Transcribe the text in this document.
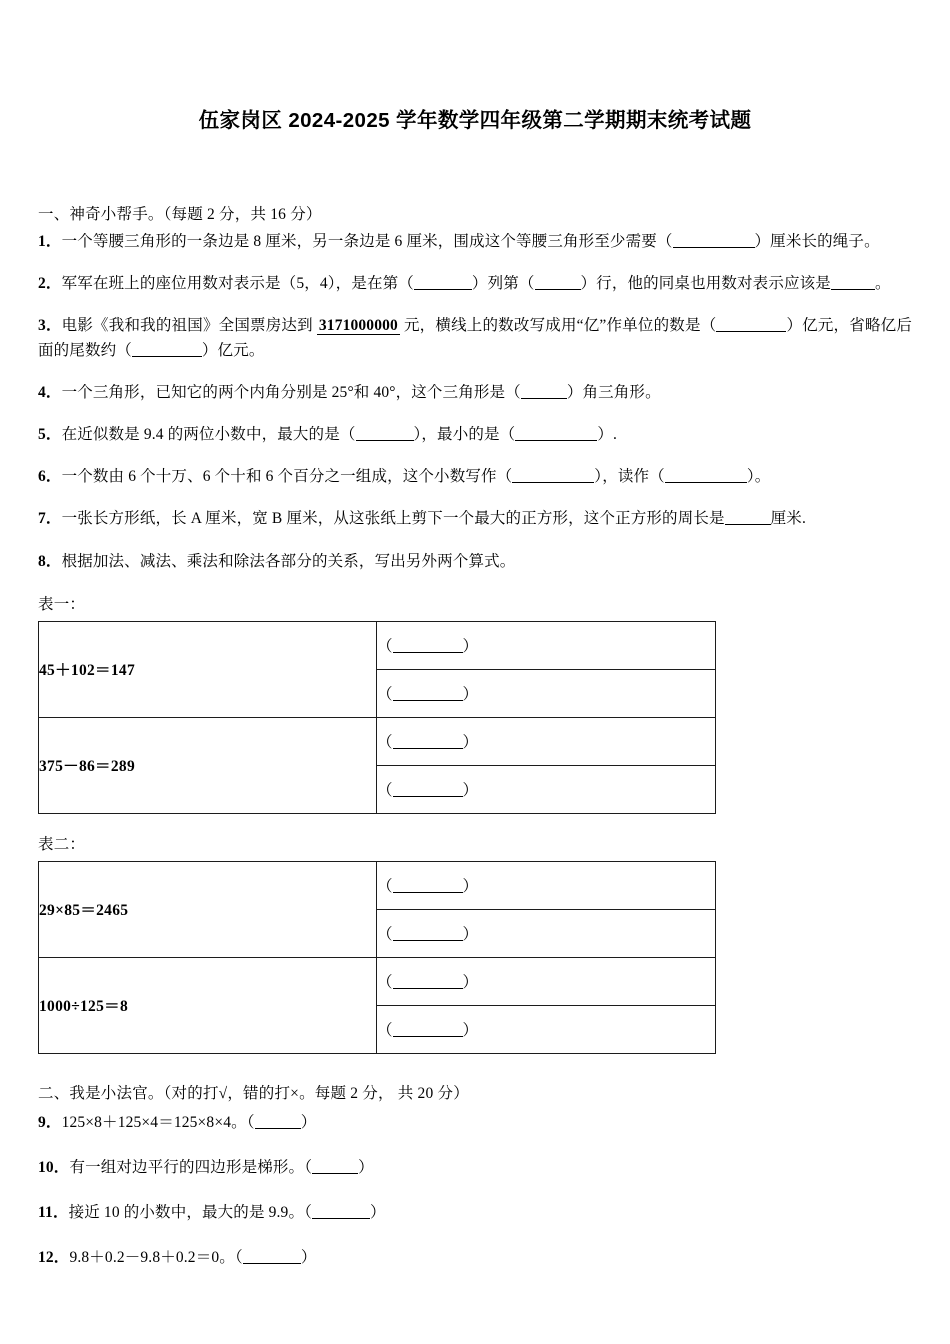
伍家岗区 2024-2025 学年数学四年级第二学期期末统考试题
一、神奇小帮手。（每题 2 分，共 16 分）
1．一个等腰三角形的一条边是 8 厘米，另一条边是 6 厘米，围成这个等腰三角形至少需要（	）厘米长的绳子。
2．军军在班上的座位用数对表示是（5，4），是在第（	）列第（	）行，他的同桌也用数对表示应该是	。
3．电影《我和我的祖国》全国票房达到 3171000000 元，横线上的数改写成用“亿”作单位的数是（	）亿元，省略亿后面的尾数约（	）亿元。
4．一个三角形，已知它的两个内角分别是 25°和 40°，这个三角形是（	）角三角形。
5．在近似数是 9.4 的两位小数中，最大的是（	），最小的是（	）.
6．一个数由 6 个十万、6 个十和 6 个百分之一组成，这个小数写作（	），读作（	）。
7．一张长方形纸，长 A 厘米，宽 B 厘米，从这张纸上剪下一个最大的正方形，这个正方形的周长是	厘米.
8．根据加法、减法、乘法和除法各部分的关系，写出另外两个算式。
表一：
45＋102＝147	（ ）
	（ ）
375－86＝289	（ ）
	（ ）
表二：
29×85＝2465	（ ）
	（ ）
1000÷125＝8	（ ）
	（ ）
二、我是小法官。（对的打√，错的打×。每题 2 分， 共 20 分）
9．125×8＋125×4＝125×8×4。（	）
10．有一组对边平行的四边形是梯形。（	）
11．接近 10 的小数中，最大的是 9.9。（	）
12．9.8＋0.2－9.8＋0.2＝0。（	）
